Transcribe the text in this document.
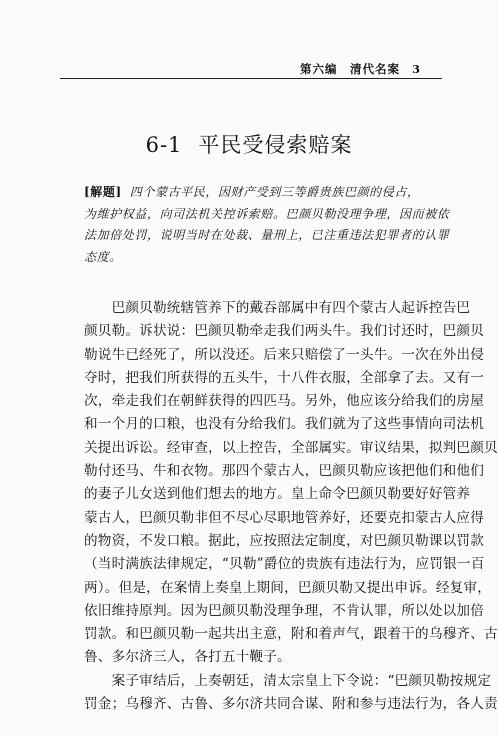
第六编　清代名案 3
6-1 平民受侵索赔案
[解题] 四个蒙古平民，因财产受到三等爵贵族巴颜的侵占，
为维护权益，向司法机关控诉索赔。巴颜贝勒没理争理，因而被依
法加倍处罚，说明当时在处裁、量刑上，已注重违法犯罪者的认罪
态度。
　　巴颜贝勒统辖管养下的戴吞部属中有四个蒙古人起诉控告巴
颜贝勒。诉状说：巴颜贝勒牵走我们两头牛。我们讨还时，巴颜贝
勒说牛已经死了，所以没还。后来只赔偿了一头牛。一次在外出侵
夺时，把我们所获得的五头牛，十八件衣服，全部拿了去。又有一
次，牵走我们在朝鲜获得的四匹马。另外，他应该分给我们的房屋
和一个月的口粮，也没有分给我们。我们就为了这些事情向司法机
关提出诉讼。经审查，以上控告，全部属实。审议结果，拟判巴颜贝
勒付还马、牛和衣物。那四个蒙古人，巴颜贝勒应该把他们和他们
的妻子儿女送到他们想去的地方。皇上命令巴颜贝勒要好好管养
蒙古人，巴颜贝勒非但不尽心尽职地管养好，还要克扣蒙古人应得
的物资，不发口粮。据此，应按照法定制度，对巴颜贝勒课以罚款
（当时满族法律规定，“贝勒”爵位的贵族有违法行为，应罚银一百
两）。但是，在案情上奏皇上期间，巴颜贝勒又提出申诉。经复审，
依旧维持原判。因为巴颜贝勒没理争理，不肯认罪，所以处以加倍
罚款。和巴颜贝勒一起共出主意，附和着声气，跟着干的乌穆齐、古
鲁、多尔济三人，各打五十鞭子。
　　案子审结后，上奏朝廷，清太宗皇上下令说：“巴颜贝勒按规定
罚金；乌穆齐、古鲁、多尔济共同合谋、附和参与违法行为，各人责
